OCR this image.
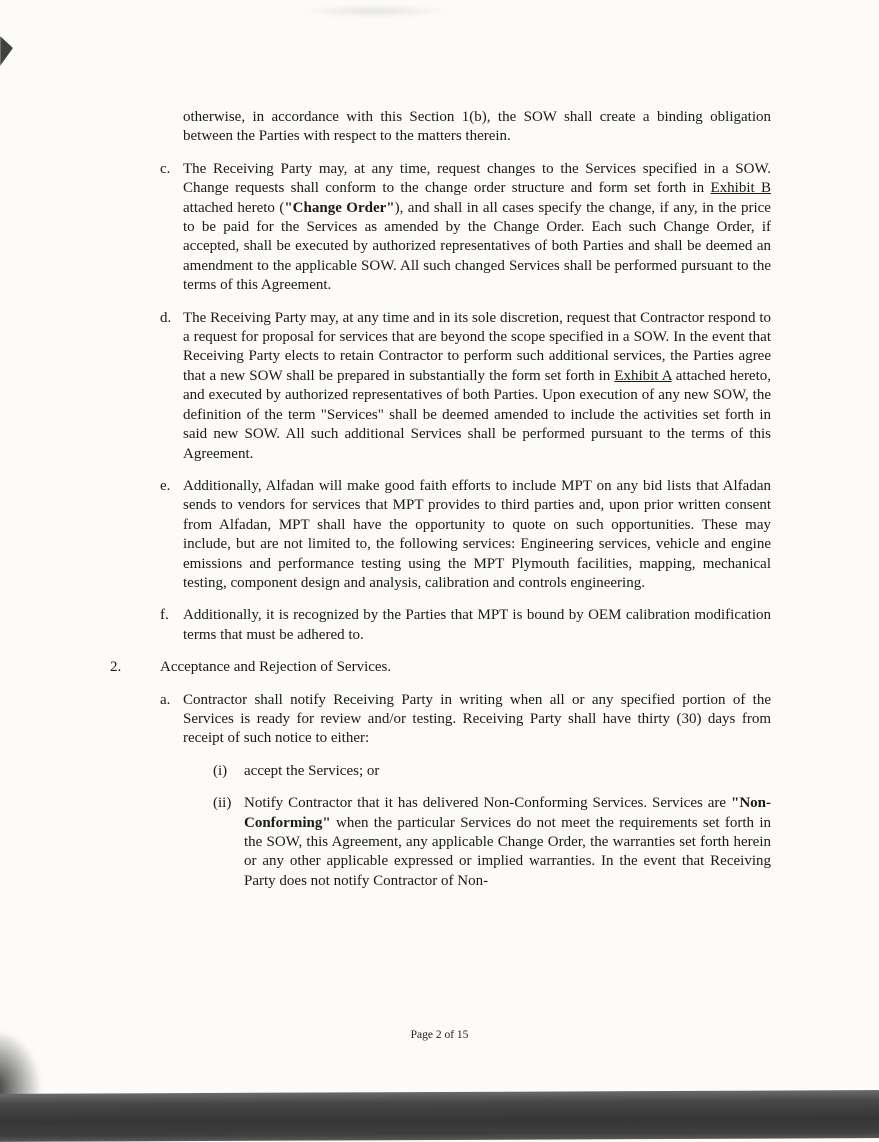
otherwise, in accordance with this Section 1(b), the SOW shall create a binding obligation between the Parties with respect to the matters therein.

c. The Receiving Party may, at any time, request changes to the Services specified in a SOW. Change requests shall conform to the change order structure and form set forth in Exhibit B attached hereto ("Change Order"), and shall in all cases specify the change, if any, in the price to be paid for the Services as amended by the Change Order. Each such Change Order, if accepted, shall be executed by authorized representatives of both Parties and shall be deemed an amendment to the applicable SOW. All such changed Services shall be performed pursuant to the terms of this Agreement.

d. The Receiving Party may, at any time and in its sole discretion, request that Contractor respond to a request for proposal for services that are beyond the scope specified in a SOW. In the event that Receiving Party elects to retain Contractor to perform such additional services, the Parties agree that a new SOW shall be prepared in substantially the form set forth in Exhibit A attached hereto, and executed by authorized representatives of both Parties. Upon execution of any new SOW, the definition of the term "Services" shall be deemed amended to include the activities set forth in said new SOW. All such additional Services shall be performed pursuant to the terms of this Agreement.

e. Additionally, Alfadan will make good faith efforts to include MPT on any bid lists that Alfadan sends to vendors for services that MPT provides to third parties and, upon prior written consent from Alfadan, MPT shall have the opportunity to quote on such opportunities. These may include, but are not limited to, the following services: Engineering services, vehicle and engine emissions and performance testing using the MPT Plymouth facilities, mapping, mechanical testing, component design and analysis, calibration and controls engineering.

f. Additionally, it is recognized by the Parties that MPT is bound by OEM calibration modification terms that must be adhered to.

2.	Acceptance and Rejection of Services.

a. Contractor shall notify Receiving Party in writing when all or any specified portion of the Services is ready for review and/or testing. Receiving Party shall have thirty (30) days from receipt of such notice to either:

(i)	accept the Services; or

(ii) Notify Contractor that it has delivered Non-Conforming Services. Services are "Non-Conforming" when the particular Services do not meet the requirements set forth in the SOW, this Agreement, any applicable Change Order, the warranties set forth herein or any other applicable expressed or implied warranties. In the event that Receiving Party does not notify Contractor of Non-

Page 2 of 15
